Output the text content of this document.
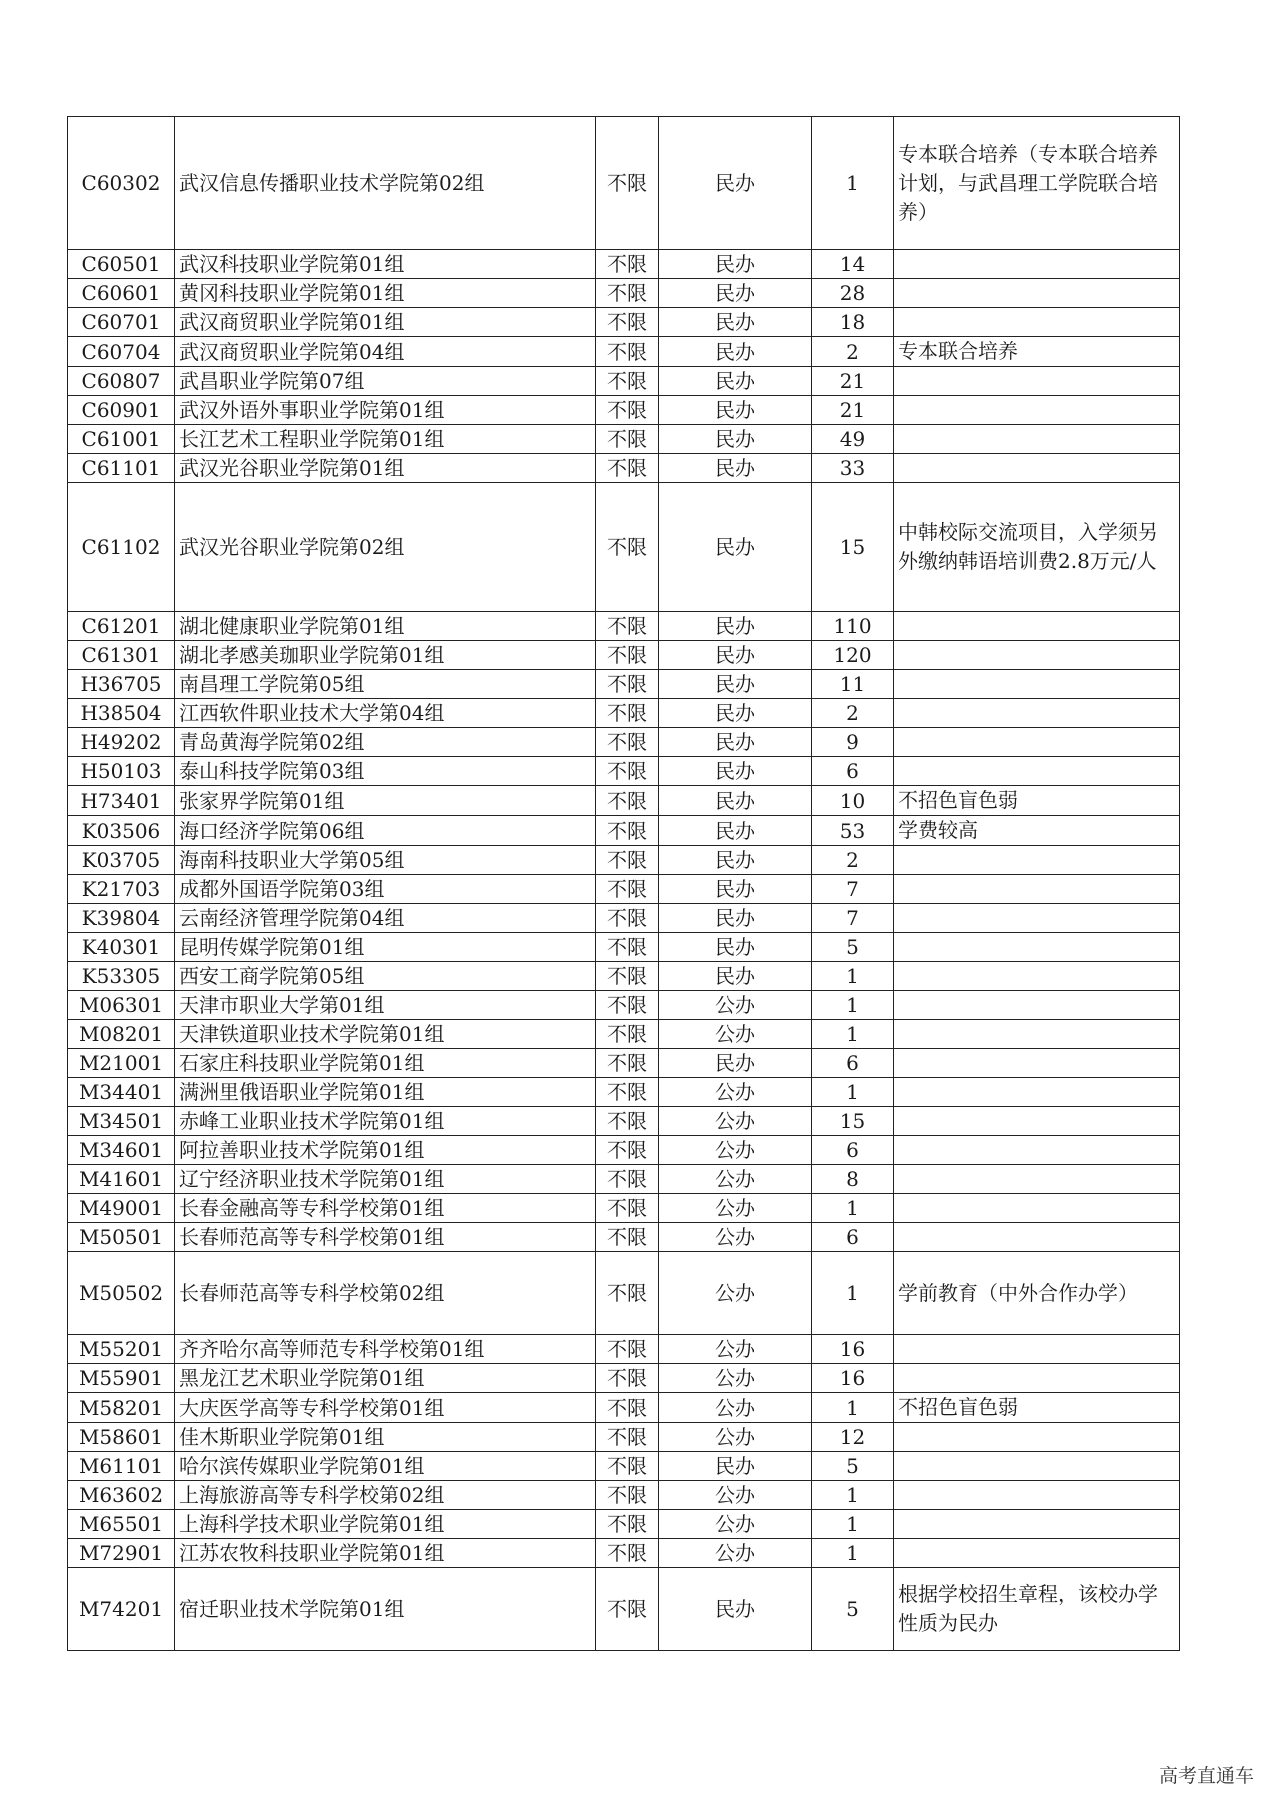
C60302	武汉信息传播职业技术学院第02组	不限	民办	1	专本联合培养（专本联合培养计划，与武昌理工学院联合培养）
C60501	武汉科技职业学院第01组	不限	民办	14	
C60601	黄冈科技职业学院第01组	不限	民办	28	
C60701	武汉商贸职业学院第01组	不限	民办	18	
C60704	武汉商贸职业学院第04组	不限	民办	2	专本联合培养
C60807	武昌职业学院第07组	不限	民办	21	
C60901	武汉外语外事职业学院第01组	不限	民办	21	
C61001	长江艺术工程职业学院第01组	不限	民办	49	
C61101	武汉光谷职业学院第01组	不限	民办	33	
C61102	武汉光谷职业学院第02组	不限	民办	15	中韩校际交流项目，入学须另外缴纳韩语培训费2.8万元/人
C61201	湖北健康职业学院第01组	不限	民办	110	
C61301	湖北孝感美珈职业学院第01组	不限	民办	120	
H36705	南昌理工学院第05组	不限	民办	11	
H38504	江西软件职业技术大学第04组	不限	民办	2	
H49202	青岛黄海学院第02组	不限	民办	9	
H50103	泰山科技学院第03组	不限	民办	6	
H73401	张家界学院第01组	不限	民办	10	不招色盲色弱
K03506	海口经济学院第06组	不限	民办	53	学费较高
K03705	海南科技职业大学第05组	不限	民办	2	
K21703	成都外国语学院第03组	不限	民办	7	
K39804	云南经济管理学院第04组	不限	民办	7	
K40301	昆明传媒学院第01组	不限	民办	5	
K53305	西安工商学院第05组	不限	民办	1	
M06301	天津市职业大学第01组	不限	公办	1	
M08201	天津铁道职业技术学院第01组	不限	公办	1	
M21001	石家庄科技职业学院第01组	不限	民办	6	
M34401	满洲里俄语职业学院第01组	不限	公办	1	
M34501	赤峰工业职业技术学院第01组	不限	公办	15	
M34601	阿拉善职业技术学院第01组	不限	公办	6	
M41601	辽宁经济职业技术学院第01组	不限	公办	8	
M49001	长春金融高等专科学校第01组	不限	公办	1	
M50501	长春师范高等专科学校第01组	不限	公办	6	
M50502	长春师范高等专科学校第02组	不限	公办	1	学前教育（中外合作办学）
M55201	齐齐哈尔高等师范专科学校第01组	不限	公办	16	
M55901	黑龙江艺术职业学院第01组	不限	公办	16	
M58201	大庆医学高等专科学校第01组	不限	公办	1	不招色盲色弱
M58601	佳木斯职业学院第01组	不限	公办	12	
M61101	哈尔滨传媒职业学院第01组	不限	民办	5	
M63602	上海旅游高等专科学校第02组	不限	公办	1	
M65501	上海科学技术职业学院第01组	不限	公办	1	
M72901	江苏农牧科技职业学院第01组	不限	公办	1	
M74201	宿迁职业技术学院第01组	不限	民办	5	根据学校招生章程，该校办学性质为民办
高考直通车
